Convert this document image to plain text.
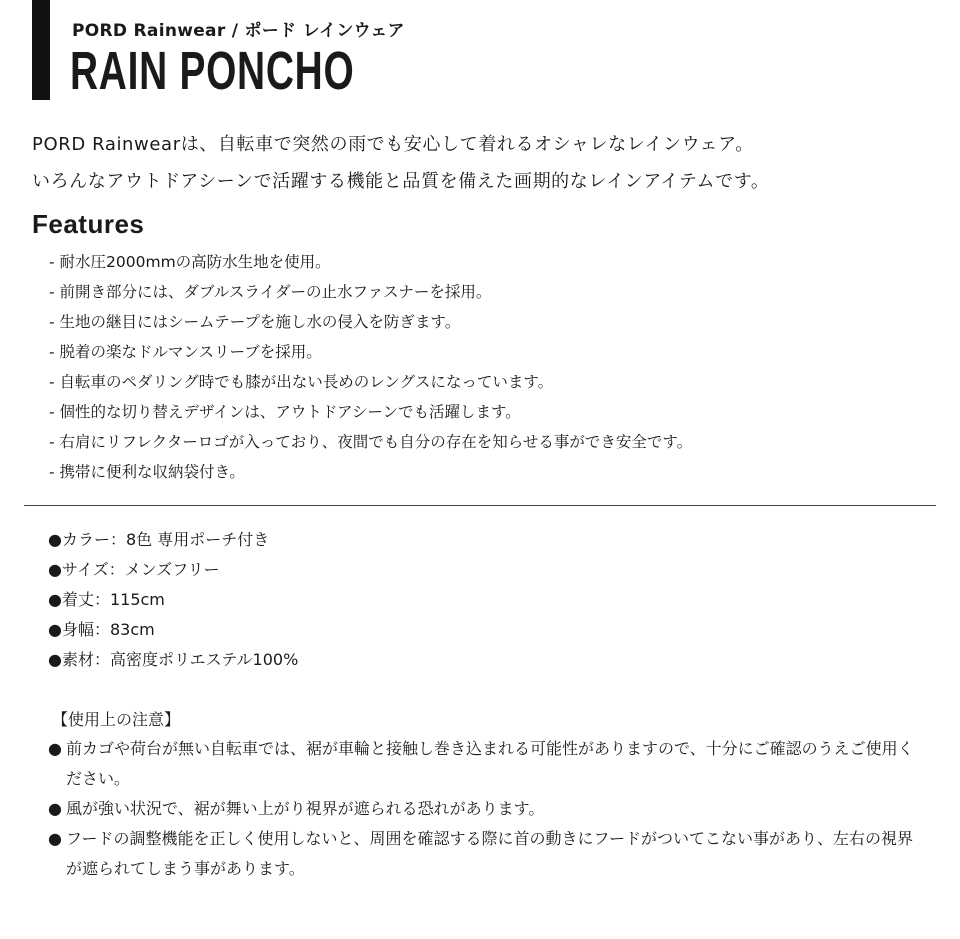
PORD Rainwear / ポード レインウェア
RAIN PONCHO

PORD Rainwearは、自転車で突然の雨でも安心して着れるオシャレなレインウェア。

いろんなアウトドアシーンで活躍する機能と品質を備えた画期的なレインアイテムです。

Features
- 耐水圧2000mmの高防水生地を使用。
- 前開き部分には、ダブルスライダーの止水ファスナーを採用。
- 生地の継目にはシームテープを施し水の侵入を防ぎます。
- 脱着の楽なドルマンスリーブを採用。
- 自転車のペダリング時でも膝が出ない長めのレングスになっています。
- 個性的な切り替えデザインは、アウトドアシーンでも活躍します。
- 右肩にリフレクターロゴが入っており、夜間でも自分の存在を知らせる事ができ安全です。
- 携帯に便利な収納袋付き。
●カラー：8色 専用ポーチ付き
●サイズ：メンズフリー
●着丈：115cm
●身幅：83cm
●素材：高密度ポリエステル100%
【使用上の注意】
● 前カゴや荷台が無い自転車では、裾が車輪と接触し巻き込まれる可能性がありますので、十分にご確認のうえご使用ください。
● 風が強い状況で、裾が舞い上がり視界が遮られる恐れがあります。
● フードの調整機能を正しく使用しないと、周囲を確認する際に首の動きにフードがついてこない事があり、左右の視界が遮られてしまう事があります。
